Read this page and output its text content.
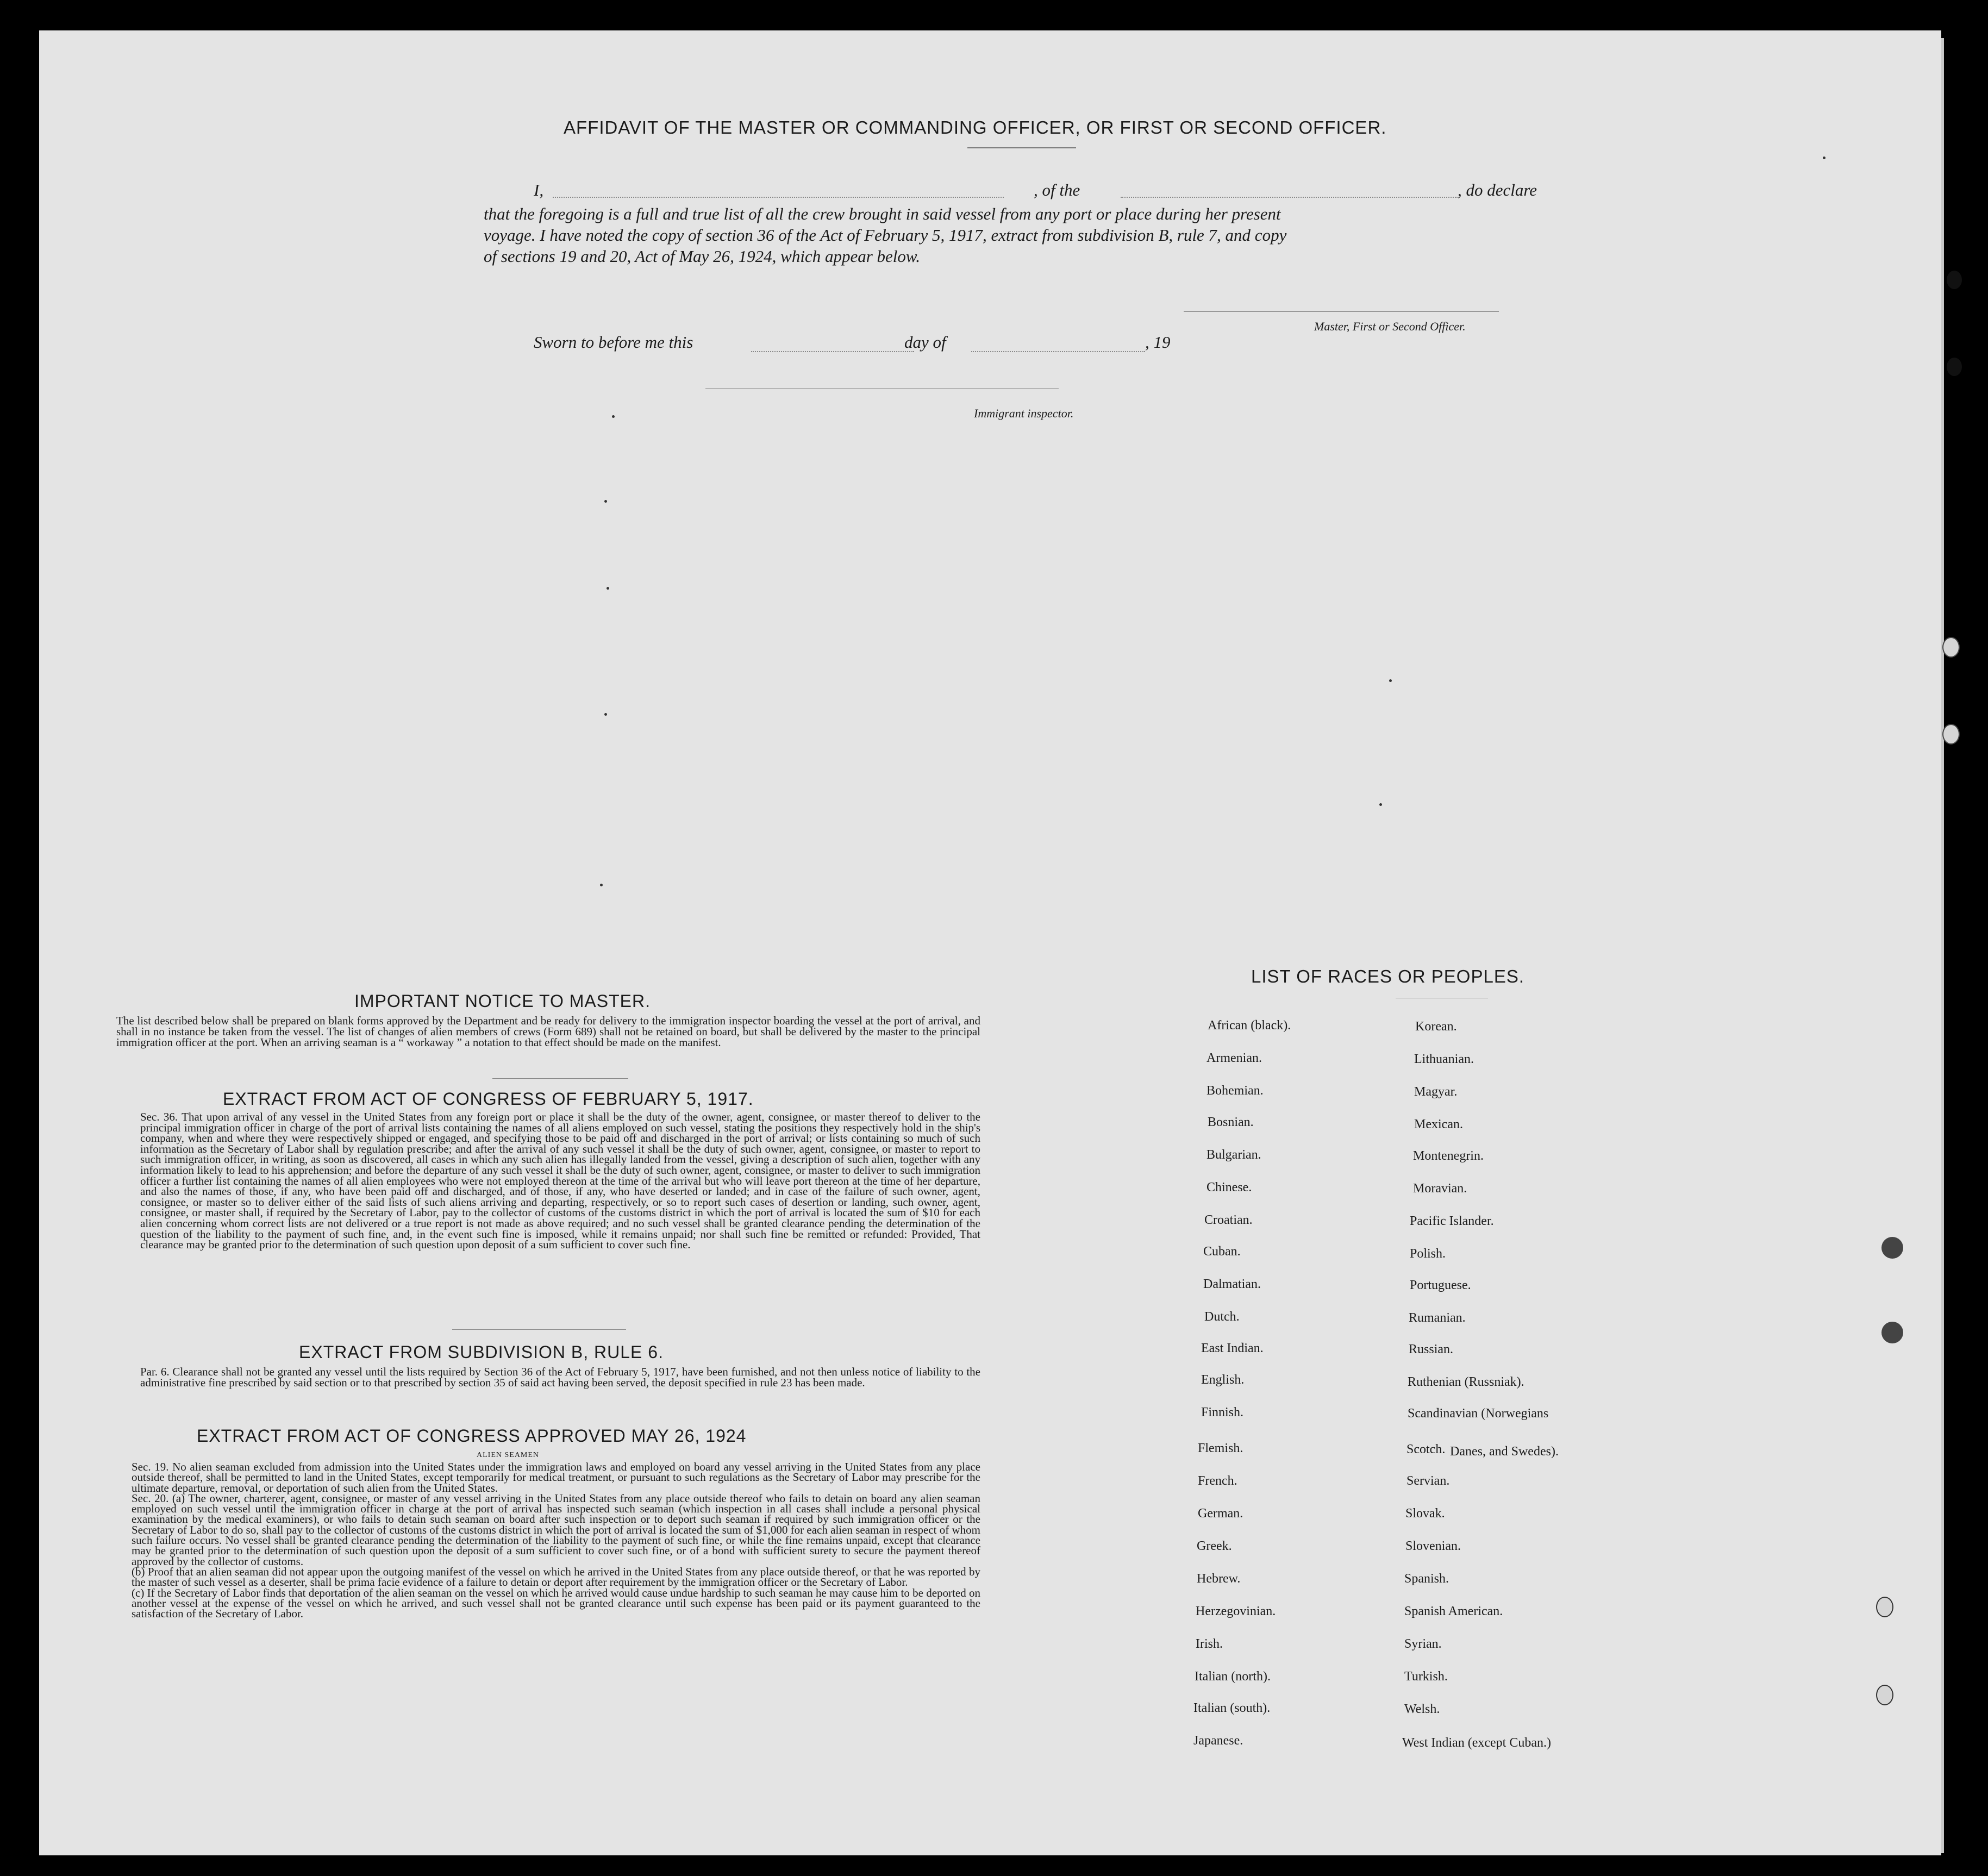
AFFIDAVIT OF THE MASTER OR COMMANDING OFFICER, OR FIRST OR SECOND OFFICER.
I,	, of the	, do declare
that the foregoing is a full and true list of all the crew brought in said vessel from any port or place during her present
voyage. I have noted the copy of section 36 of the Act of February 5, 1917, extract from subdivision B, rule 7, and copy
of sections 19 and 20, Act of May 26, 1924, which appear below.
Master, First or Second Officer.
Sworn to before me this	day of	, 19
Immigrant inspector.
IMPORTANT NOTICE TO MASTER.
The list described below shall be prepared on blank forms approved by the Department and be ready for delivery to the immigration inspector boarding the vessel at the port of arrival, and shall in no instance be taken from the vessel. The list of changes of alien members of crews (Form 689) shall not be retained on board, but shall be delivered by the master to the principal immigration officer at the port. When an arriving seaman is a “ workaway ” a notation to that effect should be made on the manifest.
EXTRACT FROM ACT OF CONGRESS OF FEBRUARY 5, 1917.
Sec. 36. That upon arrival of any vessel in the United States from any foreign port or place it shall be the duty of the owner, agent, consignee, or master thereof to deliver to the principal immigration officer in charge of the port of arrival lists containing the names of all aliens employed on such vessel, stating the positions they respectively hold in the ship's company, when and where they were respectively shipped or engaged, and specifying those to be paid off and discharged in the port of arrival; or lists containing so much of such information as the Secretary of Labor shall by regulation prescribe; and after the arrival of any such vessel it shall be the duty of such owner, agent, consignee, or master to report to such immigration officer, in writing, as soon as discovered, all cases in which any such alien has illegally landed from the vessel, giving a description of such alien, together with any information likely to lead to his apprehension; and before the departure of any such vessel it shall be the duty of such owner, agent, consignee, or master to deliver to such immigration officer a further list containing the names of all alien employees who were not employed thereon at the time of the arrival but who will leave port thereon at the time of her departure, and also the names of those, if any, who have been paid off and discharged, and of those, if any, who have deserted or landed; and in case of the failure of such owner, agent, consignee, or master so to deliver either of the said lists of such aliens arriving and departing, respectively, or so to report such cases of desertion or landing, such owner, agent, consignee, or master shall, if required by the Secretary of Labor, pay to the collector of customs of the customs district in which the port of arrival is located the sum of $10 for each alien concerning whom correct lists are not delivered or a true report is not made as above required; and no such vessel shall be granted clearance pending the determination of the question of the liability to the payment of such fine, and, in the event such fine is imposed, while it remains unpaid; nor shall such fine be remitted or refunded: Provided, That clearance may be granted prior to the determination of such question upon deposit of a sum sufficient to cover such fine.
EXTRACT FROM SUBDIVISION B, RULE 6.
Par. 6. Clearance shall not be granted any vessel until the lists required by Section 36 of the Act of February 5, 1917, have been furnished, and not then unless notice of liability to the administrative fine prescribed by said section or to that prescribed by section 35 of said act having been served, the deposit specified in rule 23 has been made.
EXTRACT FROM ACT OF CONGRESS APPROVED MAY 26, 1924
ALIEN SEAMEN
Sec. 19. No alien seaman excluded from admission into the United States under the immigration laws and employed on board any vessel arriving in the United States from any place outside thereof, shall be permitted to land in the United States, except temporarily for medical treatment, or pursuant to such regulations as the Secretary of Labor may prescribe for the ultimate departure, removal, or deportation of such alien from the United States.
Sec. 20. (a) The owner, charterer, agent, consignee, or master of any vessel arriving in the United States from any place outside thereof who fails to detain on board any alien seaman employed on such vessel until the immigration officer in charge at the port of arrival has inspected such seaman (which inspection in all cases shall include a personal physical examination by the medical examiners), or who fails to detain such seaman on board after such inspection or to deport such seaman if required by such immigration officer or the Secretary of Labor to do so, shall pay to the collector of customs of the customs district in which the port of arrival is located the sum of $1,000 for each alien seaman in respect of whom such failure occurs. No vessel shall be granted clearance pending the determination of the liability to the payment of such fine, or while the fine remains unpaid, except that clearance may be granted prior to the determination of such question upon the deposit of a sum sufficient to cover such fine, or of a bond with sufficient surety to secure the payment thereof approved by the collector of customs.
(b) Proof that an alien seaman did not appear upon the outgoing manifest of the vessel on which he arrived in the United States from any place outside thereof, or that he was reported by the master of such vessel as a deserter, shall be prima facie evidence of a failure to detain or deport after requirement by the immigration officer or the Secretary of Labor.
(c) If the Secretary of Labor finds that deportation of the alien seaman on the vessel on which he arrived would cause undue hardship to such seaman he may cause him to be deported on another vessel at the expense of the vessel on which he arrived, and such vessel shall not be granted clearance until such expense has been paid or its payment guaranteed to the satisfaction of the Secretary of Labor.
LIST OF RACES OR PEOPLES.
African (black).
Armenian.
Bohemian.
Bosnian.
Bulgarian.
Chinese.
Croatian.
Cuban.
Dalmatian.
Dutch.
East Indian.
English.
Finnish.
Flemish.
French.
German.
Greek.
Hebrew.
Herzegovinian.
Irish.
Italian (north).
Italian (south).
Japanese.
Korean.
Lithuanian.
Magyar.
Mexican.
Montenegrin.
Moravian.
Pacific Islander.
Polish.
Portuguese.
Rumanian.
Russian.
Ruthenian (Russniak).
Scandinavian (Norwegians
Scotch.
Servian.
Slovak.
Slovenian.
Spanish.
Spanish American.
Syrian.
Turkish.
Welsh.
West Indian (except Cuban.)
Danes, and Swedes).
